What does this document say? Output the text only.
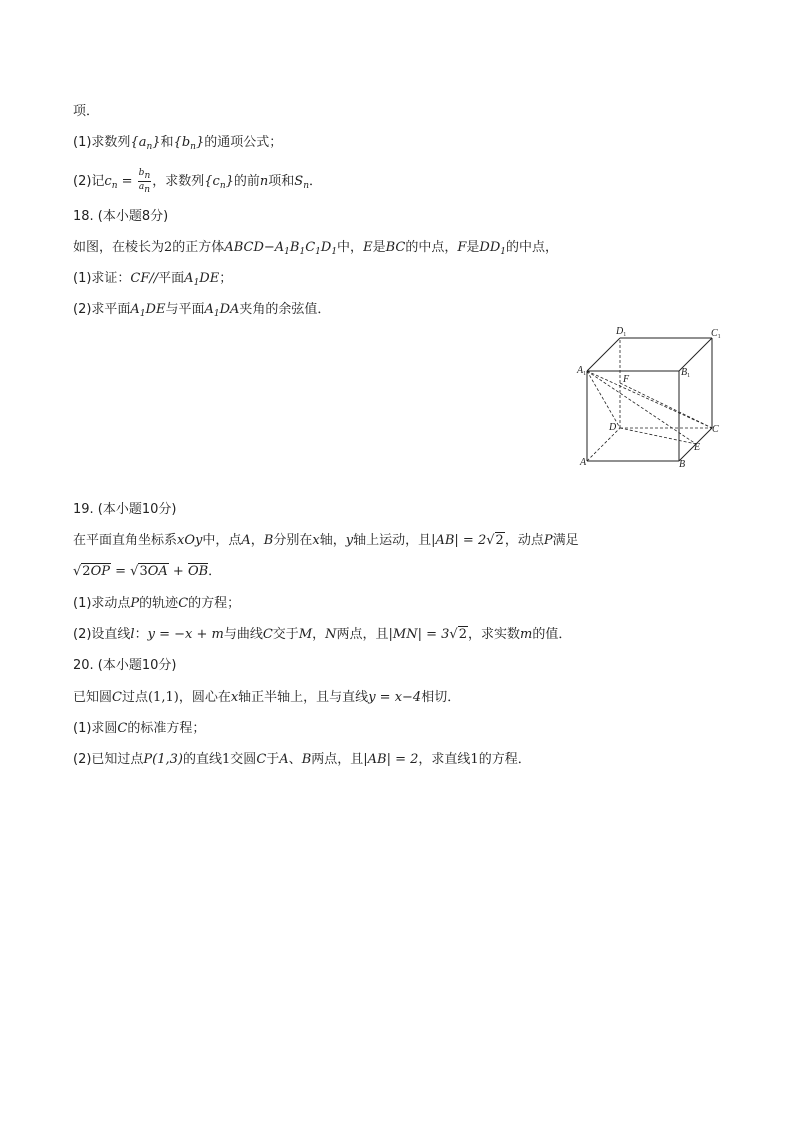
项．
(1)求数列$\{a_n\}$和$\{b_n\}$的通项公式；
(2)记$c_n = \frac{b_n}{a_n}$ ，求数列$\{c_n\}$的前n项和$S_n$．
18. (本小题8分)
如图，在棱长为2的正方体$ABCD-A_1B_1C_1D_1$中，E是BC的中点，F是$DD_1$的中点，
(1)求证：CF//平面$A_1DE$；
(2)求平面$A_1DE$与平面$A_1DA$夹角的余弦值．
$D_1$	$C_1$
$A_1$	$B_1$
F
D	C
E
A	B
19. (本小题10分)
在平面直角坐标系xOy中，点A，B分别在x轴，y轴上运动，且|AB| = 2√2，动点P满足
√2OP = √3OA + OB．
(1)求动点P的轨迹C的方程；
(2)设直线l：y = −x + m与曲线C交于M，N两点，且|MN| = 3√2，求实数m的值．
20. (本小题10分)
已知圆C过点(1,1)，圆心在x轴正半轴上，且与直线y = x−4相切．
(1)求圆C的标准方程；
(2)已知过点P(1,3)的直线1交圆C于A、B两点，且|AB| = 2，求直线1的方程．
